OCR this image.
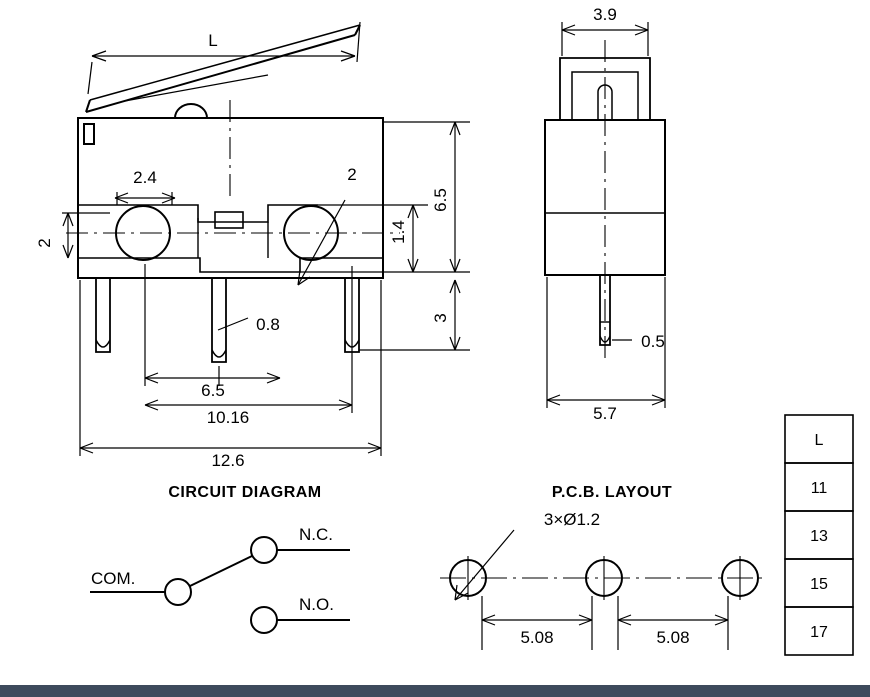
L
2.4
2
2
0.8
6.5
10.16
12.6
6.5
1.4
3
3.9
5.7
0.5
CIRCUIT DIAGRAM
COM.
N.C.
N.O.
P.C.B. LAYOUT
3×Ø1.2
5.08	5.08
L
11
13
15
17
